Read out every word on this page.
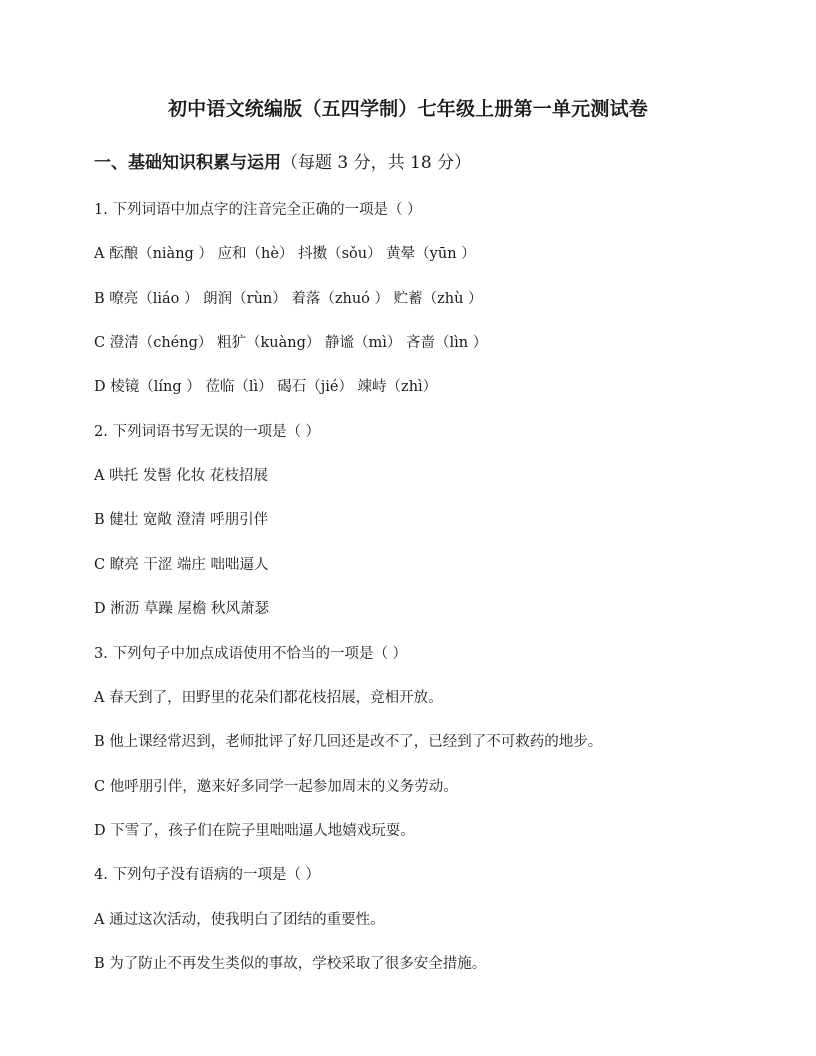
初中语文统编版（五四学制）七年级上册第一单元测试卷
一、基础知识积累与运用（每题 3 分，共 18 分）
1. 下列词语中加点字的注音完全正确的一项是（ ）
A 酝酿（niàng ） 应和（hè） 抖擞（sǒu） 黄晕（yūn ）
B 嘹亮（liáo ） 朗润（rùn） 着落（zhuó ） 贮蓄（zhù ）
C 澄清（chéng） 粗犷（kuàng） 静谧（mì） 吝啬（lìn ）
D 棱镜（líng ） 莅临（lì） 碣石（jié） 竦峙（zhì）
2. 下列词语书写无误的一项是（ ）
A 哄托 发髻 化妆 花枝招展
B 健壮 宽敞 澄清 呼朋引伴
C 瞭亮 干涩 端庄 咄咄逼人
D 淅沥 草躁 屋檐 秋风萧瑟
3. 下列句子中加点成语使用不恰当的一项是（ ）
A 春天到了，田野里的花朵们都花枝招展，竞相开放。
B 他上课经常迟到，老师批评了好几回还是改不了，已经到了不可救药的地步。
C 他呼朋引伴，邀来好多同学一起参加周末的义务劳动。
D 下雪了，孩子们在院子里咄咄逼人地嬉戏玩耍。
4. 下列句子没有语病的一项是（ ）
A 通过这次活动，使我明白了团结的重要性。
B 为了防止不再发生类似的事故，学校采取了很多安全措施。
